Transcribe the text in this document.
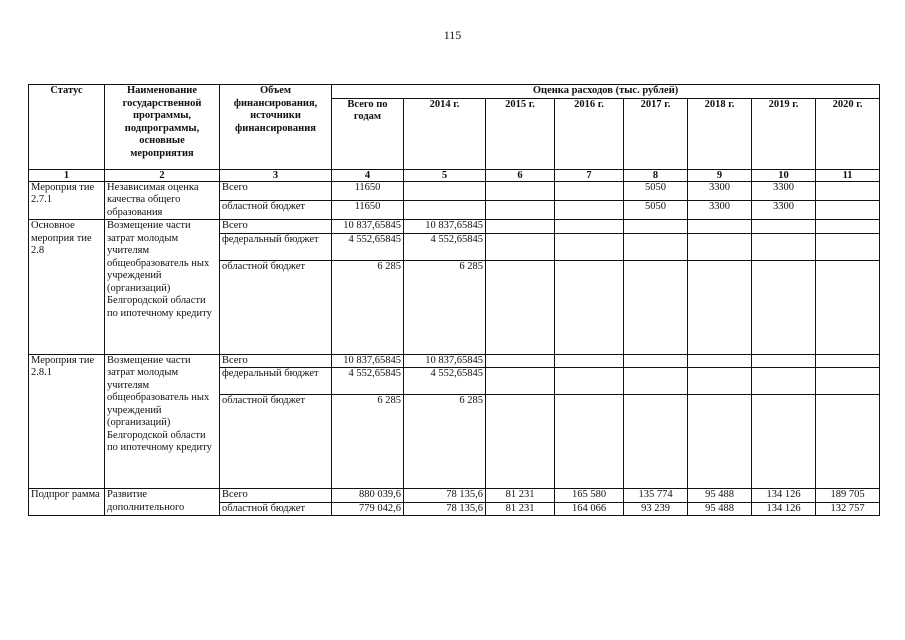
115
Статус	Наименование государственной программы, подпрограммы, основные мероприятия	Объем финансирования, источники финансирования	Оценка расходов (тыс. рублей)							
			Всего по годам	2014 г.	2015 г.	2016 г.	2017 г.	2018 г.	2019 г.	2020 г.
1	2	3	4	5	6	7	8	9	10	11
Мероприя тие 2.7.1	Независимая оценка качества общего образования	Всего	11650				5050	3300	3300	
		областной бюджет	11650				5050	3300	3300	
Основное мероприя тие 2.8	Возмещение части затрат молодым учителям общеобразователь ных учреждений (организаций) Белгородской области по ипотечному кредиту	Всего	10 837,65845	10 837,65845						
		федеральный бюджет	4 552,65845	4 552,65845						
		областной бюджет	6 285	6 285						
Мероприя тие 2.8.1	Возмещение части затрат молодым учителям общеобразователь ных учреждений (организаций) Белгородской области по ипотечному кредиту	Всего	10 837,65845	10 837,65845						
		федеральный бюджет	4 552,65845	4 552,65845						
		областной бюджет	6 285	6 285						
Подпрог рамма	Развитие дополнительного	Всего	880 039,6	78 135,6	81 231	165 580	135 774	95 488	134 126	189 705
		областной бюджет	779 042,6	78 135,6	81 231	164 066	93 239	95 488	134 126	132 757
